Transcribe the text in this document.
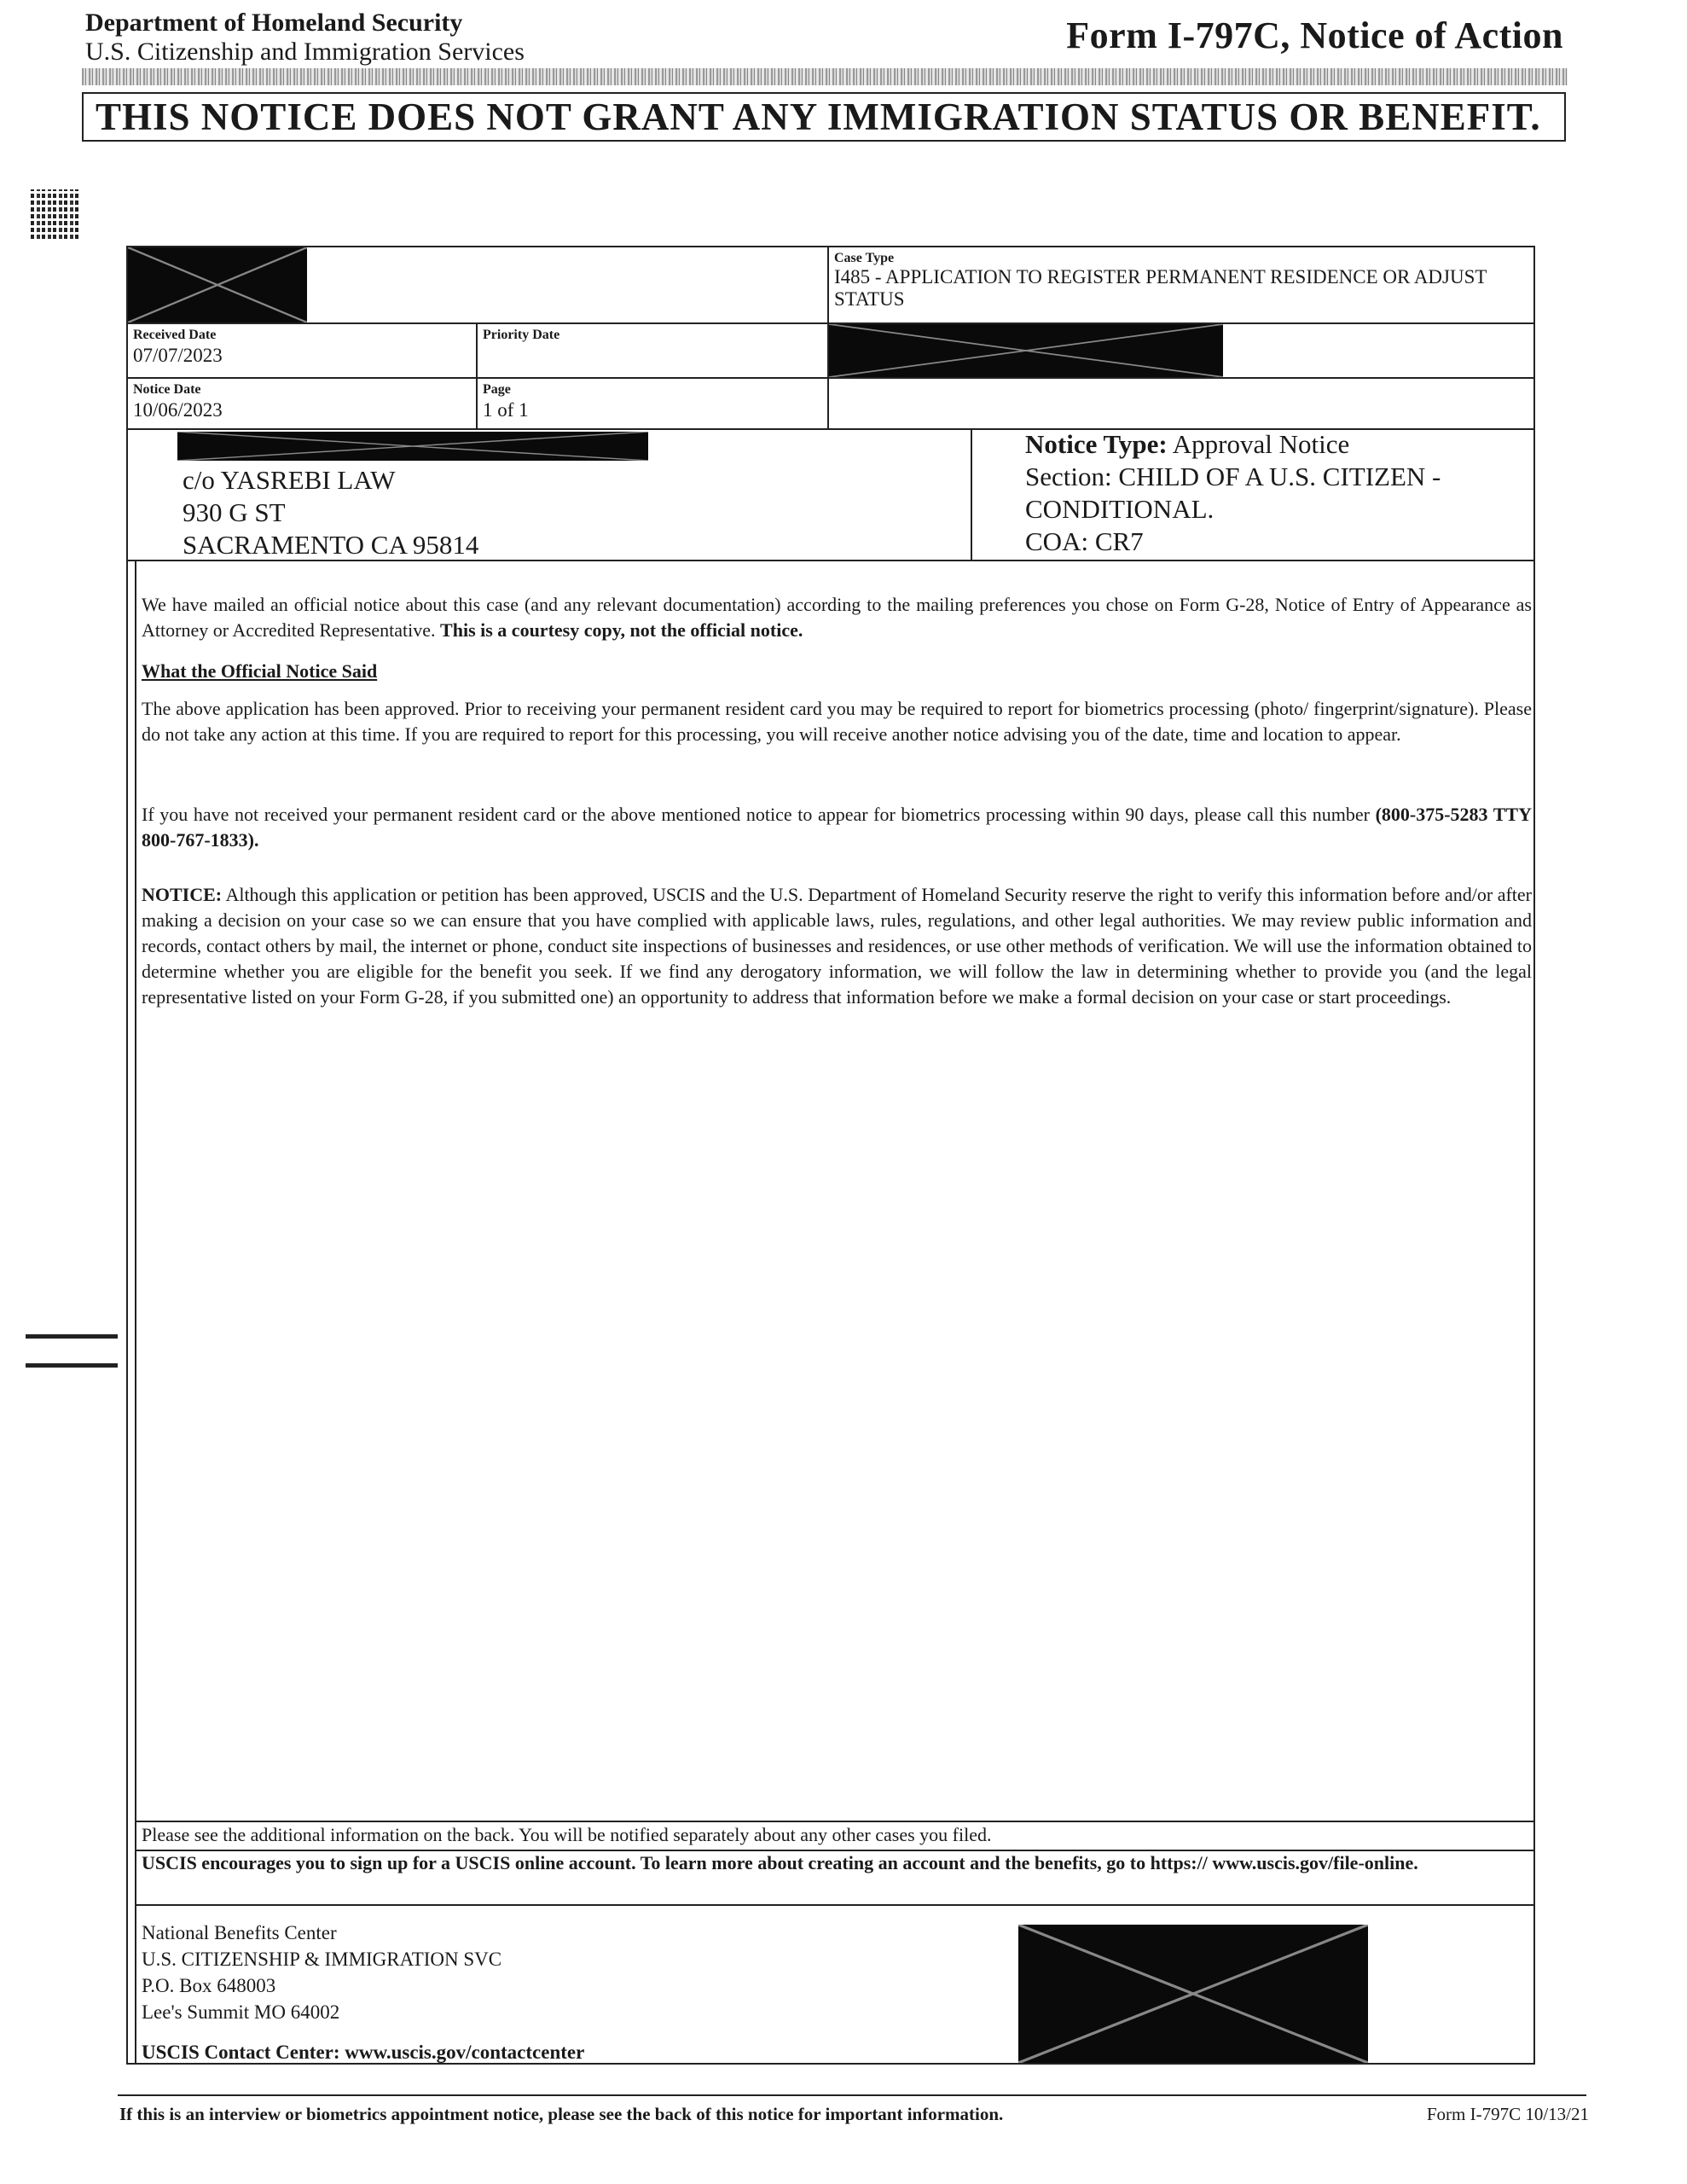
Department of Homeland Security
U.S. Citizenship and Immigration Services	Form I-797C, Notice of Action
THIS NOTICE DOES NOT GRANT ANY IMMIGRATION STATUS OR BENEFIT.
Case Type
I485 - APPLICATION TO REGISTER PERMANENT RESIDENCE OR ADJUST STATUS
Received Date
07/07/2023
Priority Date
Notice Date
10/06/2023
Page
1 of 1
c/o YASREBI LAW
930 G ST
SACRAMENTO CA 95814
Notice Type: Approval Notice
Section: CHILD OF A U.S. CITIZEN -
CONDITIONAL.
COA: CR7
We have mailed an official notice about this case (and any relevant documentation) according to the mailing preferences you chose on Form G-28, Notice of Entry of Appearance as Attorney or Accredited Representative. This is a courtesy copy, not the official notice.
What the Official Notice Said
The above application has been approved. Prior to receiving your permanent resident card you may be required to report for biometrics processing (photo/ fingerprint/signature). Please do not take any action at this time. If you are required to report for this processing, you will receive another notice advising you of the date, time and location to appear.
If you have not received your permanent resident card or the above mentioned notice to appear for biometrics processing within 90 days, please call this number (800-375-5283 TTY 800-767-1833).
NOTICE: Although this application or petition has been approved, USCIS and the U.S. Department of Homeland Security reserve the right to verify this information before and/or after making a decision on your case so we can ensure that you have complied with applicable laws, rules, regulations, and other legal authorities. We may review public information and records, contact others by mail, the internet or phone, conduct site inspections of businesses and residences, or use other methods of verification. We will use the information obtained to determine whether you are eligible for the benefit you seek. If we find any derogatory information, we will follow the law in determining whether to provide you (and the legal representative listed on your Form G-28, if you submitted one) an opportunity to address that information before we make a formal decision on your case or start proceedings.
Please see the additional information on the back. You will be notified separately about any other cases you filed.
USCIS encourages you to sign up for a USCIS online account. To learn more about creating an account and the benefits, go to https:// www.uscis.gov/file-online.
National Benefits Center
U.S. CITIZENSHIP & IMMIGRATION SVC
P.O. Box 648003
Lee's Summit MO 64002
USCIS Contact Center: www.uscis.gov/contactcenter
If this is an interview or biometrics appointment notice, please see the back of this notice for important information.	Form I-797C 10/13/21
